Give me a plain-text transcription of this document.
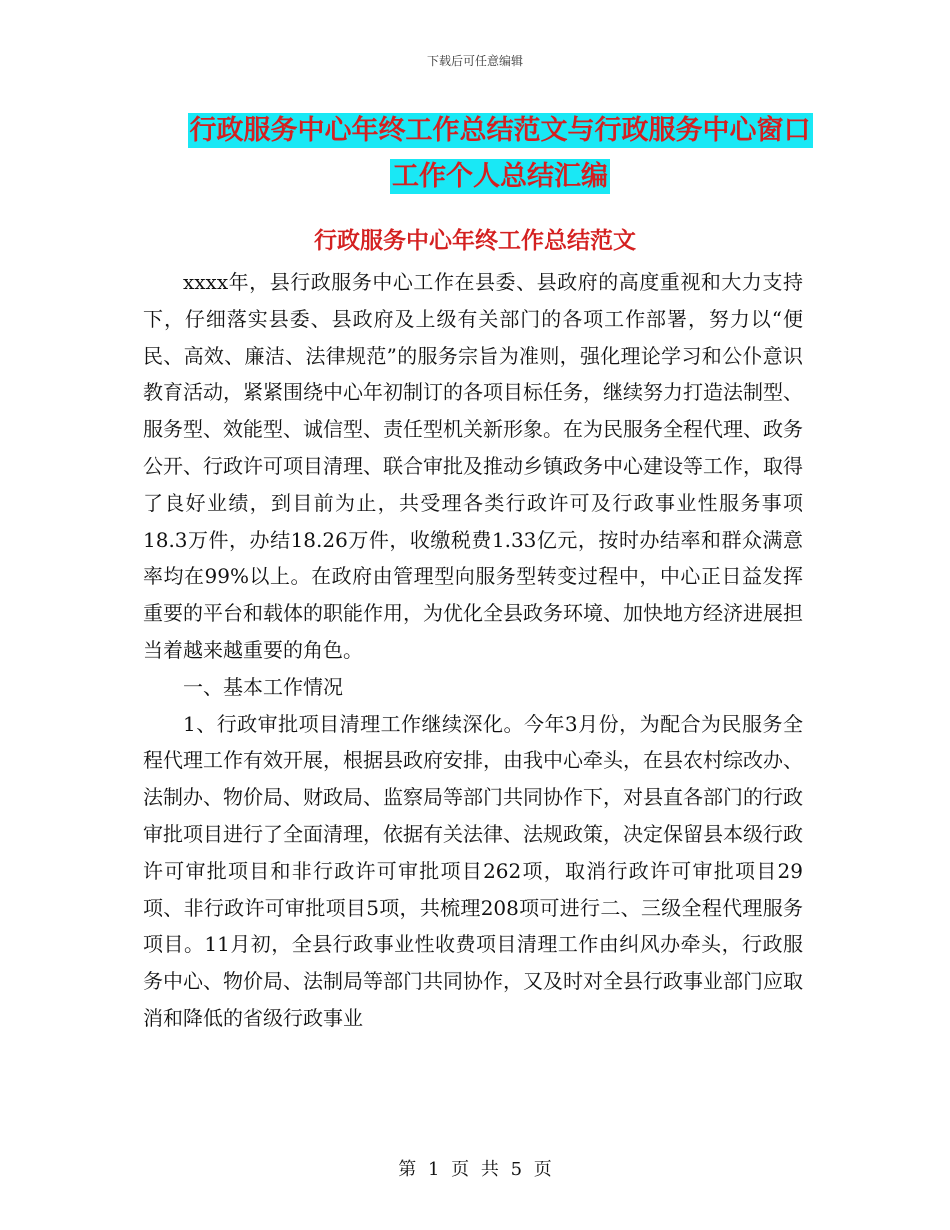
下载后可任意编辑
行政服务中心年终工作总结范文与行政服务中心窗口
工作个人总结汇编
行政服务中心年终工作总结范文

xxxx年，县行政服务中心工作在县委、县政府的高度重视和大力支持下，仔细落实县委、县政府及上级有关部门的各项工作部署，努力以“便民、高效、廉洁、法律规范”的服务宗旨为准则，强化理论学习和公仆意识教育活动，紧紧围绕中心年初制订的各项目标任务，继续努力打造法制型、服务型、效能型、诚信型、责任型机关新形象。在为民服务全程代理、政务公开、行政许可项目清理、联合审批及推动乡镇政务中心建设等工作，取得了良好业绩，到目前为止，共受理各类行政许可及行政事业性服务事项18.3万件，办结18.26万件，收缴税费1.33亿元，按时办结率和群众满意率均在99%以上。在政府由管理型向服务型转变过程中，中心正日益发挥重要的平台和载体的职能作用，为优化全县政务环境、加快地方经济进展担当着越来越重要的角色。

一、基本工作情况

1、行政审批项目清理工作继续深化。今年3月份，为配合为民服务全程代理工作有效开展，根据县政府安排，由我中心牵头，在县农村综改办、法制办、物价局、财政局、监察局等部门共同协作下，对县直各部门的行政审批项目进行了全面清理，依据有关法律、法规政策，决定保留县本级行政许可审批项目和非行政许可审批项目262项，取消行政许可审批项目29项、非行政许可审批项目5项，共梳理208项可进行二、三级全程代理服务项目。11月初，全县行政事业性收费项目清理工作由纠风办牵头，行政服务中心、物价局、法制局等部门共同协作，又及时对全县行政事业部门应取消和降低的省级行政事业

第 1 页 共 5 页
